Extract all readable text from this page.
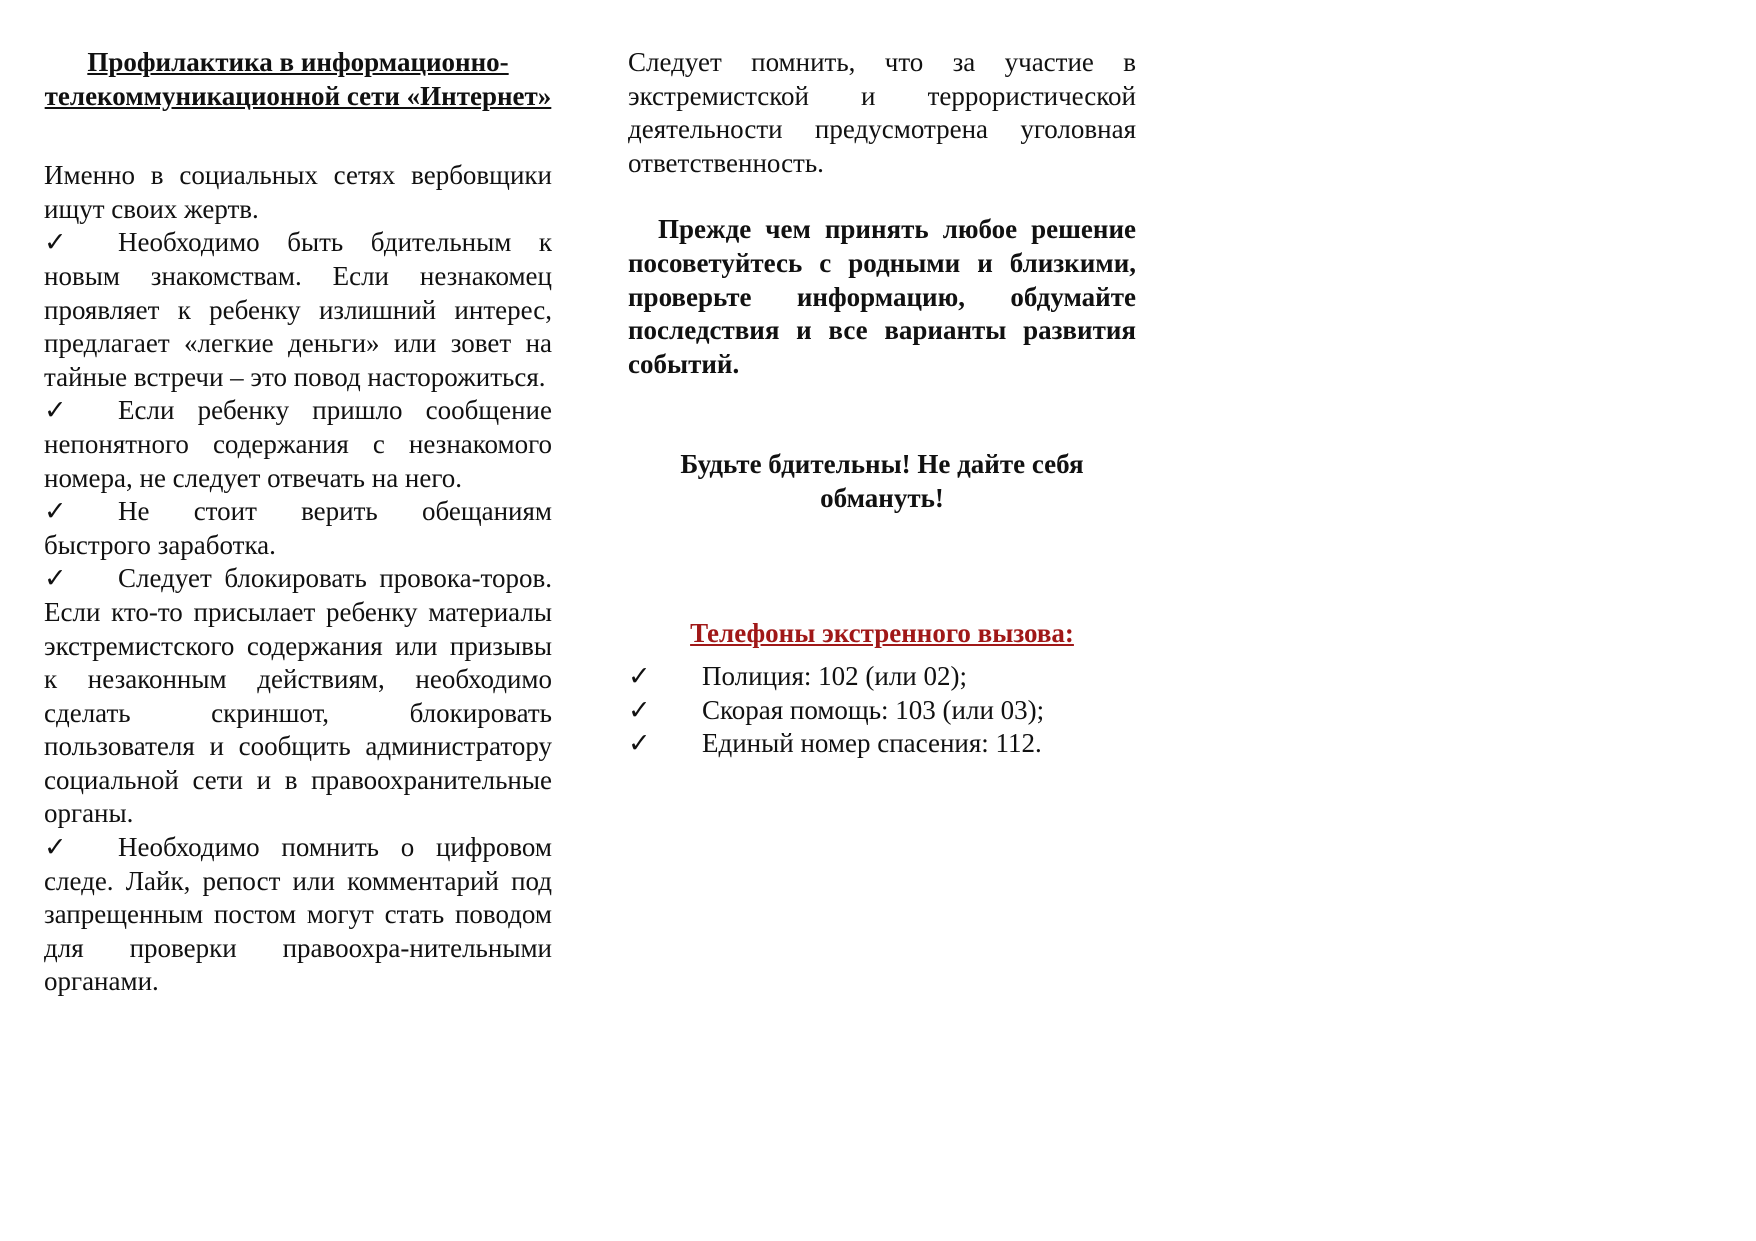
Профилактика в информационно-телекоммуникационной сети «Интернет»

Именно в социальных сетях вербовщики ищут своих жертв.

✓ Необходимо быть бдительным к новым знакомствам. Если незнакомец проявляет к ребенку излишний интерес, предлагает «легкие деньги» или зовет на тайные встречи – это повод насторожиться.

✓ Если ребенку пришло сообщение непонятного содержания с незнакомого номера, не следует отвечать на него.

✓ Не стоит верить обещаниям быстрого заработка.

✓ Следует блокировать провока-торов. Если кто-то присылает ребенку материалы экстремистского содержания или призывы к незаконным действиям, необходимо сделать скриншот, блокировать пользователя и сообщить администратору социальной сети и в правоохранительные органы.

✓ Необходимо помнить о цифровом следе. Лайк, репост или комментарий под запрещенным постом могут стать поводом для проверки правоохра-нительными органами.

Следует помнить, что за участие в экстремистской и террористической деятельности предусмотрена уголовная ответственность.

Прежде чем принять любое решение посоветуйтесь с родными и близкими, проверьте информацию, обдумайте последствия и все варианты развития событий.

Будьте бдительны! Не дайте себя обмануть!

Телефоны экстренного вызова:

✓ Полиция: 102 (или 02);
✓ Скорая помощь: 103 (или 03);
✓ Единый номер спасения: 112.
